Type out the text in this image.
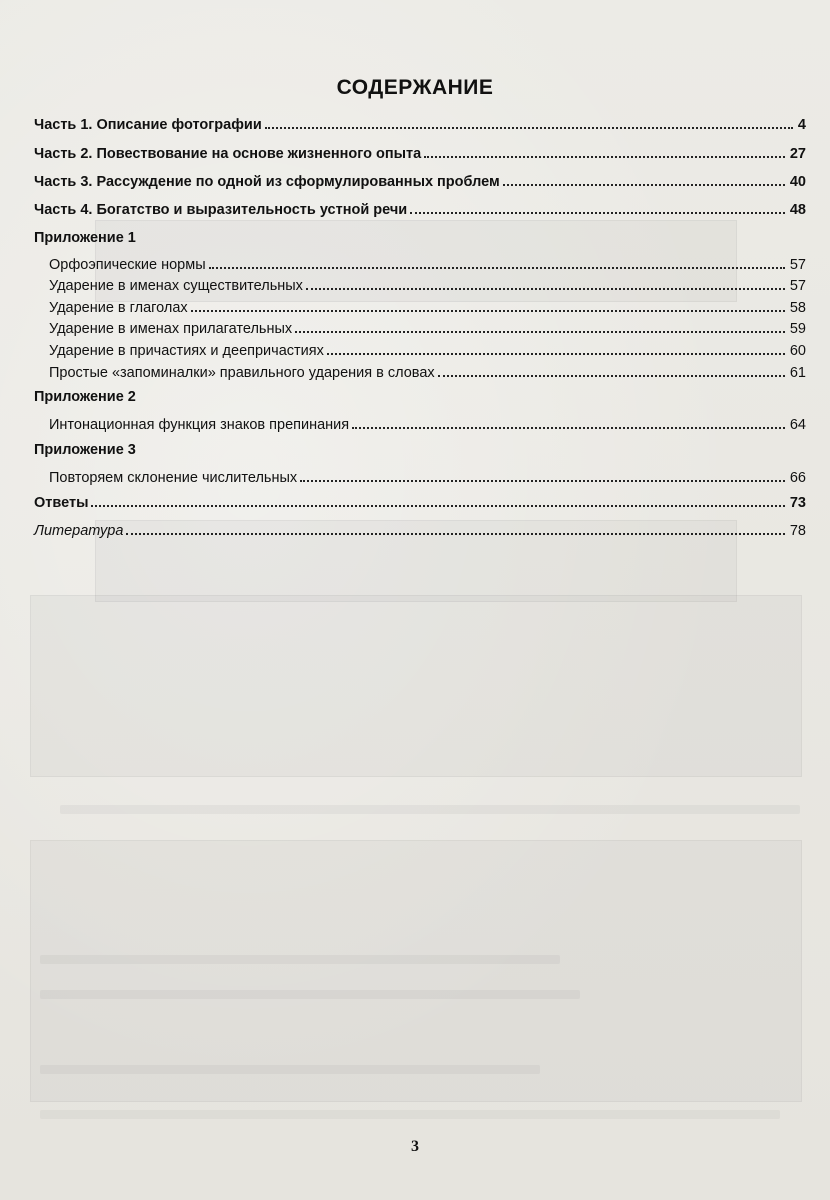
СОДЕРЖАНИЕ
Часть 1. Описание фотографии	4
Часть 2. Повествование на основе жизненного опыта	27
Часть 3. Рассуждение по одной из сформулированных проблем	40
Часть 4. Богатство и выразительность устной речи	48
Приложение 1
Орфоэпические нормы	57
Ударение в именах существительных	57
Ударение в глаголах	58
Ударение в именах прилагательных	59
Ударение в причастиях и деепричастиях	60
Простые «запоминалки» правильного ударения в словах	61
Приложение 2
Интонационная функция знаков препинания	64
Приложение 3
Повторяем склонение числительных	66
Ответы	73
Литература	78
3
